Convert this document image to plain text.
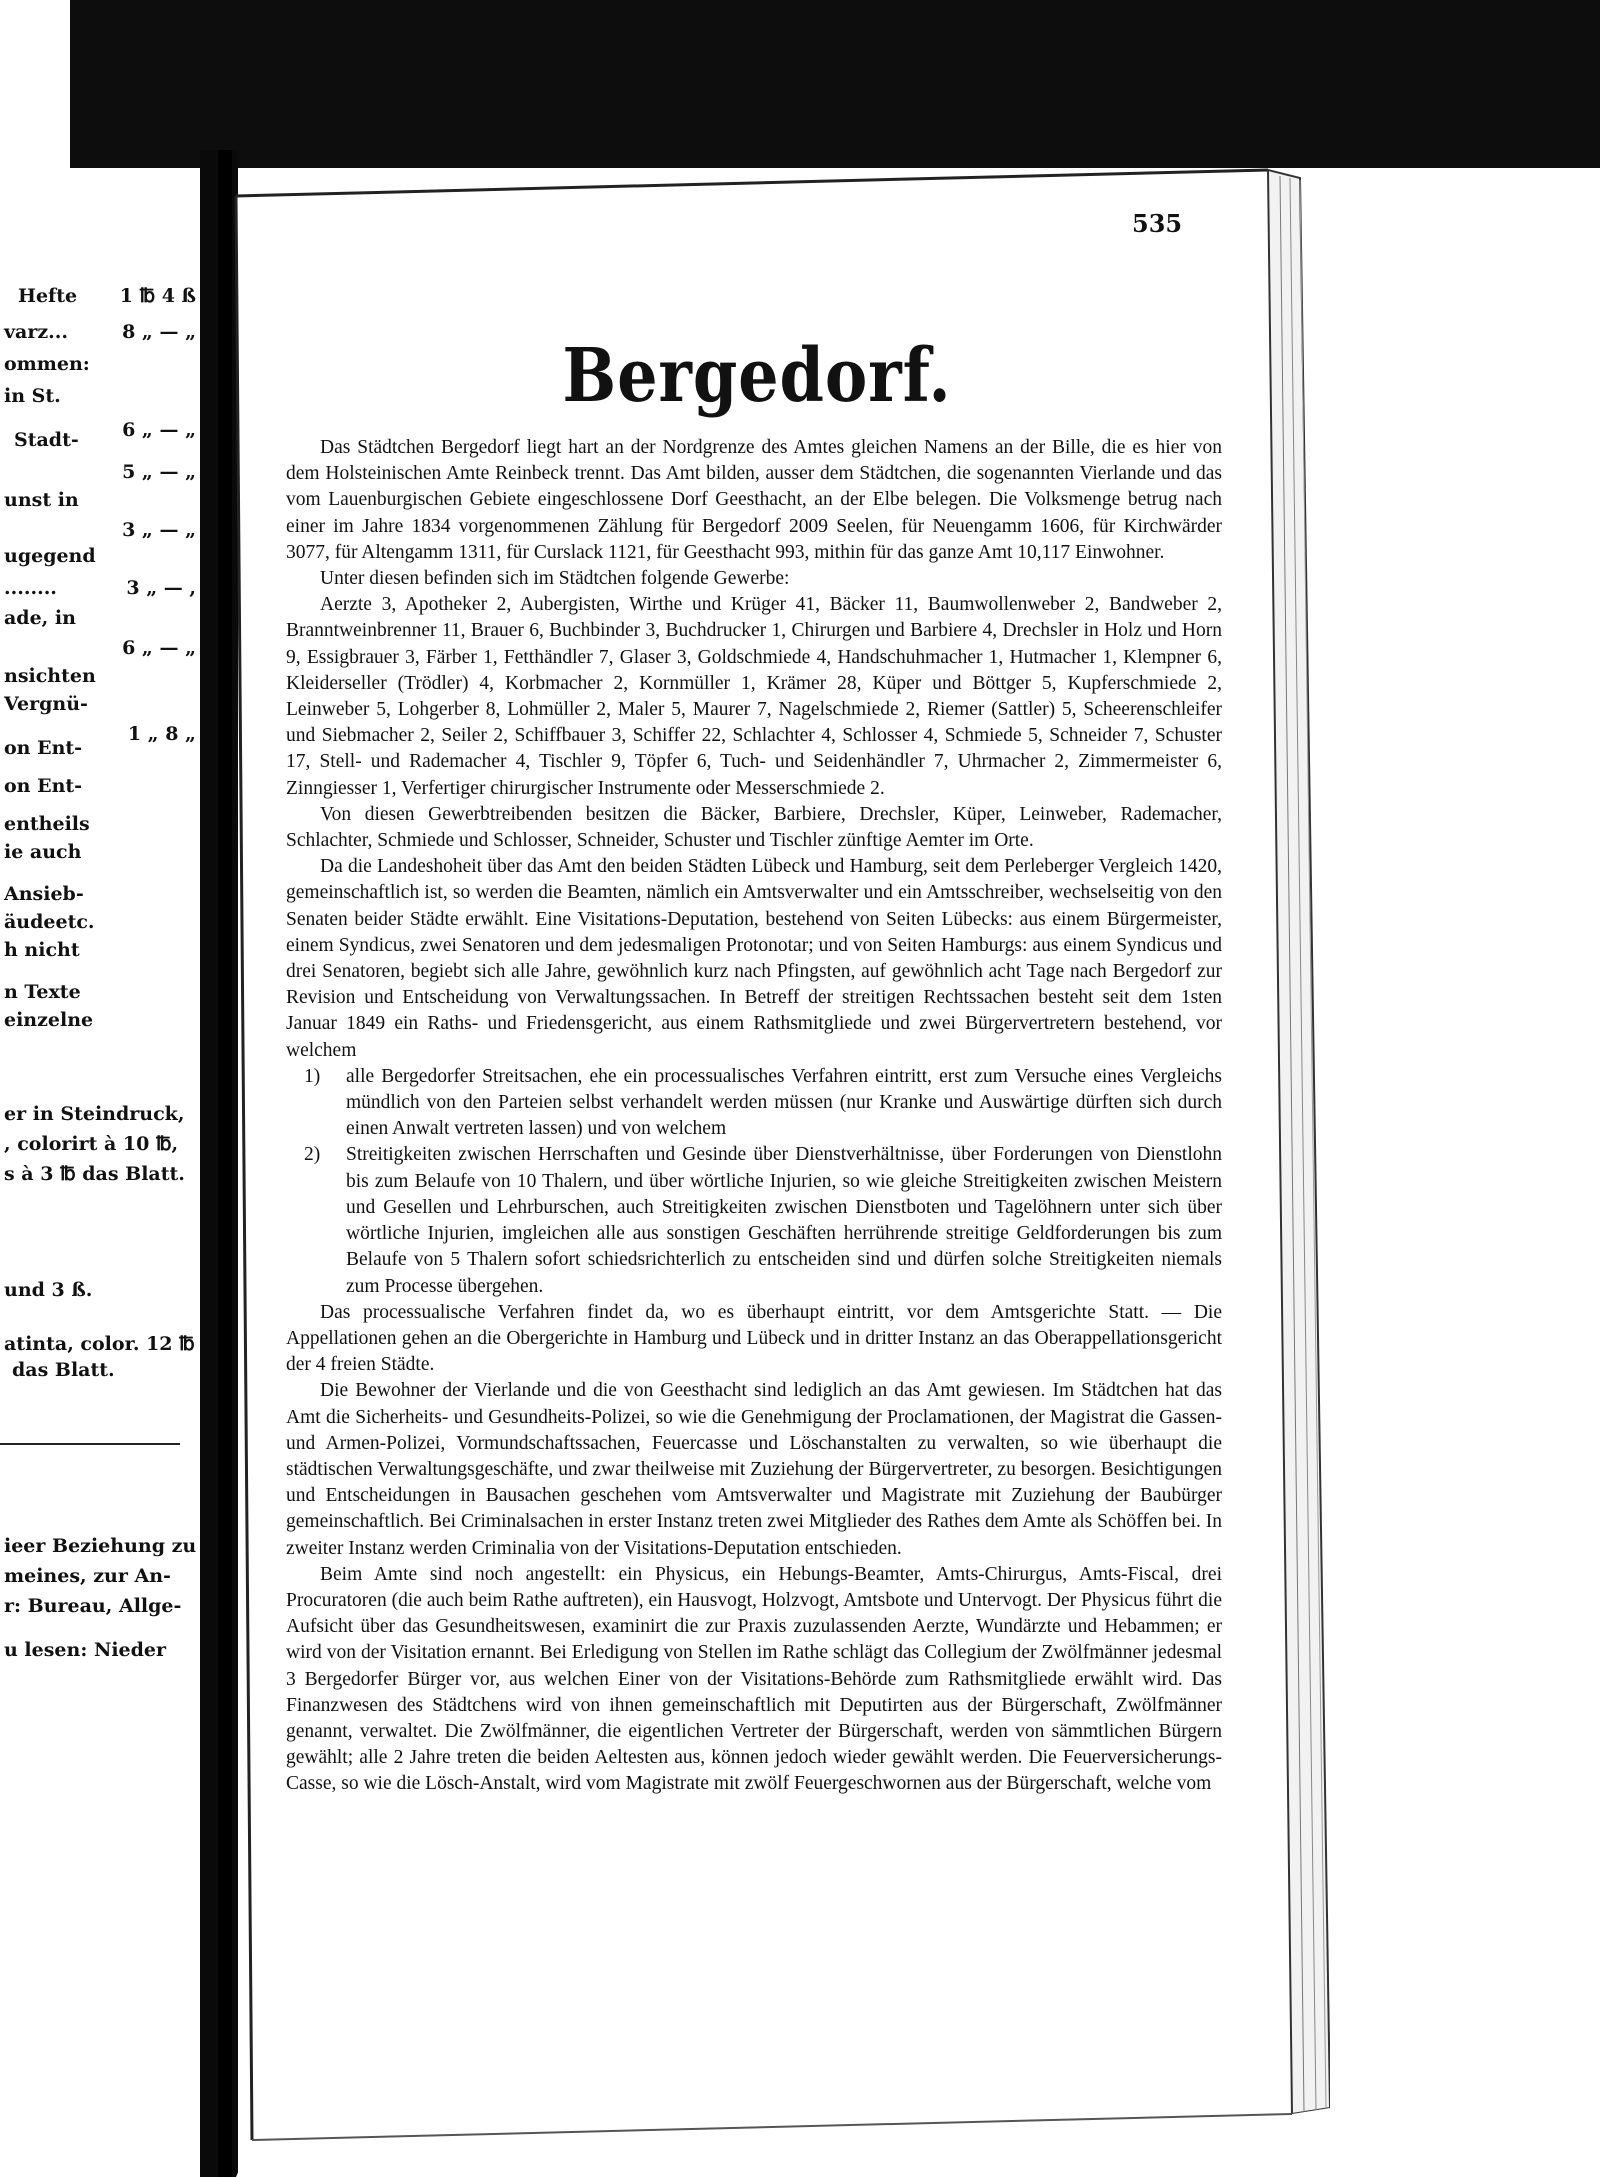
Hefte 1 ℔ 4 ß
varz...	8 „ — „
ommen:
in St.
6 „ — „
Stadt-
5 „ — „
unst in
3 „ — „
ugegend
........	3 „ — ,
ade, in
6 „ — „
nsichten
Vergnü-
1 „ 8 „
on Ent-
on Ent-
entheils
ie auch
Ansieb-
äudeetc.
h nicht
n Texte
einzelne
er in Steindruck,
, colorirt à 10 ℔,
s à 3 ℔ das Blatt.
und 3 ß.
atinta, color. 12 ℔
das Blatt.
ieer Beziehung zu
meines, zur An-
r: Bureau, Allge-
u lesen: Nieder
535
Bergedorf.

Das Städtchen Bergedorf liegt hart an der Nordgrenze des Amtes gleichen Namens an der Bille, die es hier von dem Holsteinischen Amte Reinbeck trennt. Das Amt bilden, ausser dem Städtchen, die sogenannten Vierlande und das vom Lauenburgischen Gebiete eingeschlossene Dorf Geesthacht, an der Elbe belegen. Die Volksmenge betrug nach einer im Jahre 1834 vorgenommenen Zählung für Bergedorf 2009 Seelen, für Neuengamm 1606, für Kirchwärder 3077, für Altengamm 1311, für Curslack 1121, für Geesthacht 993, mithin für das ganze Amt 10,117 Einwohner.

Unter diesen befinden sich im Städtchen folgende Gewerbe:

Aerzte 3, Apotheker 2, Aubergisten, Wirthe und Krüger 41, Bäcker 11, Baumwollenweber 2, Bandweber 2, Branntweinbrenner 11, Brauer 6, Buchbinder 3, Buchdrucker 1, Chirurgen und Barbiere 4, Drechsler in Holz und Horn 9, Essigbrauer 3, Färber 1, Fetthändler 7, Glaser 3, Goldschmiede 4, Handschuhmacher 1, Hutmacher 1, Klempner 6, Kleiderseller (Trödler) 4, Korbmacher 2, Kornmüller 1, Krämer 28, Küper und Böttger 5, Kupferschmiede 2, Leinweber 5, Lohgerber 8, Lohmüller 2, Maler 5, Maurer 7, Nagelschmiede 2, Riemer (Sattler) 5, Scheerenschleifer und Siebmacher 2, Seiler 2, Schiffbauer 3, Schiffer 22, Schlachter 4, Schlosser 4, Schmiede 5, Schneider 7, Schuster 17, Stell- und Rademacher 4, Tischler 9, Töpfer 6, Tuch- und Seidenhändler 7, Uhrmacher 2, Zimmermeister 6, Zinngiesser 1, Verfertiger chirurgischer Instrumente oder Messerschmiede 2.

Von diesen Gewerbtreibenden besitzen die Bäcker, Barbiere, Drechsler, Küper, Leinweber, Rademacher, Schlachter, Schmiede und Schlosser, Schneider, Schuster und Tischler zünftige Aemter im Orte.

Da die Landeshoheit über das Amt den beiden Städten Lübeck und Hamburg, seit dem Perleberger Vergleich 1420, gemeinschaftlich ist, so werden die Beamten, nämlich ein Amtsverwalter und ein Amtsschreiber, wechselseitig von den Senaten beider Städte erwählt. Eine Visitations-Deputation, bestehend von Seiten Lübecks: aus einem Bürgermeister, einem Syndicus, zwei Senatoren und dem jedesmaligen Protonotar; und von Seiten Hamburgs: aus einem Syndicus und drei Senatoren, begiebt sich alle Jahre, gewöhnlich kurz nach Pfingsten, auf gewöhnlich acht Tage nach Bergedorf zur Revision und Entscheidung von Verwaltungssachen. In Betreff der streitigen Rechtssachen besteht seit dem 1sten Januar 1849 ein Raths- und Friedensgericht, aus einem Rathsmitgliede und zwei Bürgervertretern bestehend, vor welchem

1) alle Bergedorfer Streitsachen, ehe ein processualisches Verfahren eintritt, erst zum Versuche eines Vergleichs mündlich von den Parteien selbst verhandelt werden müssen (nur Kranke und Auswärtige dürften sich durch einen Anwalt vertreten lassen) und von welchem

2) Streitigkeiten zwischen Herrschaften und Gesinde über Dienstverhältnisse, über Forderungen von Dienstlohn bis zum Belaufe von 10 Thalern, und über wörtliche Injurien, so wie gleiche Streitigkeiten zwischen Meistern und Gesellen und Lehrburschen, auch Streitigkeiten zwischen Dienstboten und Tagelöhnern unter sich über wörtliche Injurien, imgleichen alle aus sonstigen Geschäften herrührende streitige Geldforderungen bis zum Belaufe von 5 Thalern sofort schiedsrichterlich zu entscheiden sind und dürfen solche Streitigkeiten niemals zum Processe übergehen.

Das processualische Verfahren findet da, wo es überhaupt eintritt, vor dem Amtsgerichte Statt. — Die Appellationen gehen an die Obergerichte in Hamburg und Lübeck und in dritter Instanz an das Oberappellationsgericht der 4 freien Städte.

Die Bewohner der Vierlande und die von Geesthacht sind lediglich an das Amt gewiesen. Im Städtchen hat das Amt die Sicherheits- und Gesundheits-Polizei, so wie die Genehmigung der Proclamationen, der Magistrat die Gassen- und Armen-Polizei, Vormundschaftssachen, Feuercasse und Löschanstalten zu verwalten, so wie überhaupt die städtischen Verwaltungsgeschäfte, und zwar theilweise mit Zuziehung der Bürgervertreter, zu besorgen. Besichtigungen und Entscheidungen in Bausachen geschehen vom Amtsverwalter und Magistrate mit Zuziehung der Baubürger gemeinschaftlich. Bei Criminalsachen in erster Instanz treten zwei Mitglieder des Rathes dem Amte als Schöffen bei. In zweiter Instanz werden Criminalia von der Visitations-Deputation entschieden.

Beim Amte sind noch angestellt: ein Physicus, ein Hebungs-Beamter, Amts-Chirurgus, Amts-Fiscal, drei Procuratoren (die auch beim Rathe auftreten), ein Hausvogt, Holzvogt, Amtsbote und Untervogt. Der Physicus führt die Aufsicht über das Gesundheitswesen, examinirt die zur Praxis zuzulassenden Aerzte, Wundärzte und Hebammen; er wird von der Visitation ernannt. Bei Erledigung von Stellen im Rathe schlägt das Collegium der Zwölfmänner jedesmal 3 Bergedorfer Bürger vor, aus welchen Einer von der Visitations-Behörde zum Rathsmitgliede erwählt wird. Das Finanzwesen des Städtchens wird von ihnen gemeinschaftlich mit Deputirten aus der Bürgerschaft, Zwölfmänner genannt, verwaltet. Die Zwölfmänner, die eigentlichen Vertreter der Bürgerschaft, werden von sämmtlichen Bürgern gewählt; alle 2 Jahre treten die beiden Aeltesten aus, können jedoch wieder gewählt werden. Die Feuerversicherungs-Casse, so wie die Lösch-Anstalt, wird vom Magistrate mit zwölf Feuergeschwornen aus der Bürgerschaft, welche vom
